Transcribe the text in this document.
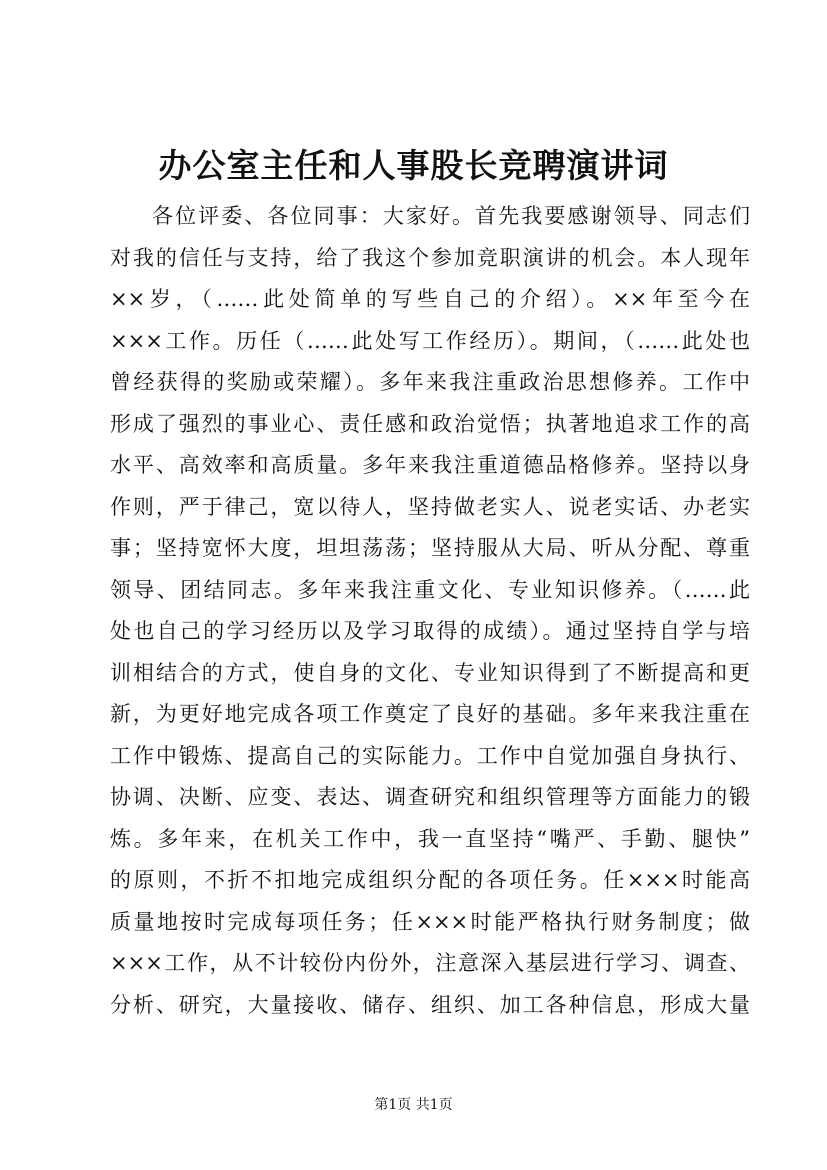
办公室主任和人事股长竞聘演讲词
各位评委、各位同事：大家好。首先我要感谢领导、同志们
对我的信任与支持，给了我这个参加竞职演讲的机会。本人现年
××岁，（……此处简单的写些自己的介绍）。××年至今在
×××工作。历任（……此处写工作经历）。期间，（……此处也
曾经获得的奖励或荣耀）。多年来我注重政治思想修养。工作中
形成了强烈的事业心、责任感和政治觉悟；执著地追求工作的高
水平、高效率和高质量。多年来我注重道德品格修养。坚持以身
作则，严于律己，宽以待人，坚持做老实人、说老实话、办老实
事；坚持宽怀大度，坦坦荡荡；坚持服从大局、听从分配、尊重
领导、团结同志。多年来我注重文化、专业知识修养。（……此
处也自己的学习经历以及学习取得的成绩）。通过坚持自学与培
训相结合的方式，使自身的文化、专业知识得到了不断提高和更
新，为更好地完成各项工作奠定了良好的基础。多年来我注重在
工作中锻炼、提高自己的实际能力。工作中自觉加强自身执行、
协调、决断、应变、表达、调查研究和组织管理等方面能力的锻
炼。多年来，在机关工作中，我一直坚持“嘴严、手勤、腿快”
的原则，不折不扣地完成组织分配的各项任务。任×××时能高
质量地按时完成每项任务；任×××时能严格执行财务制度；做
×××工作，从不计较份内份外，注意深入基层进行学习、调查、
分析、研究，大量接收、储存、组织、加工各种信息，形成大量
第1页 共1页
